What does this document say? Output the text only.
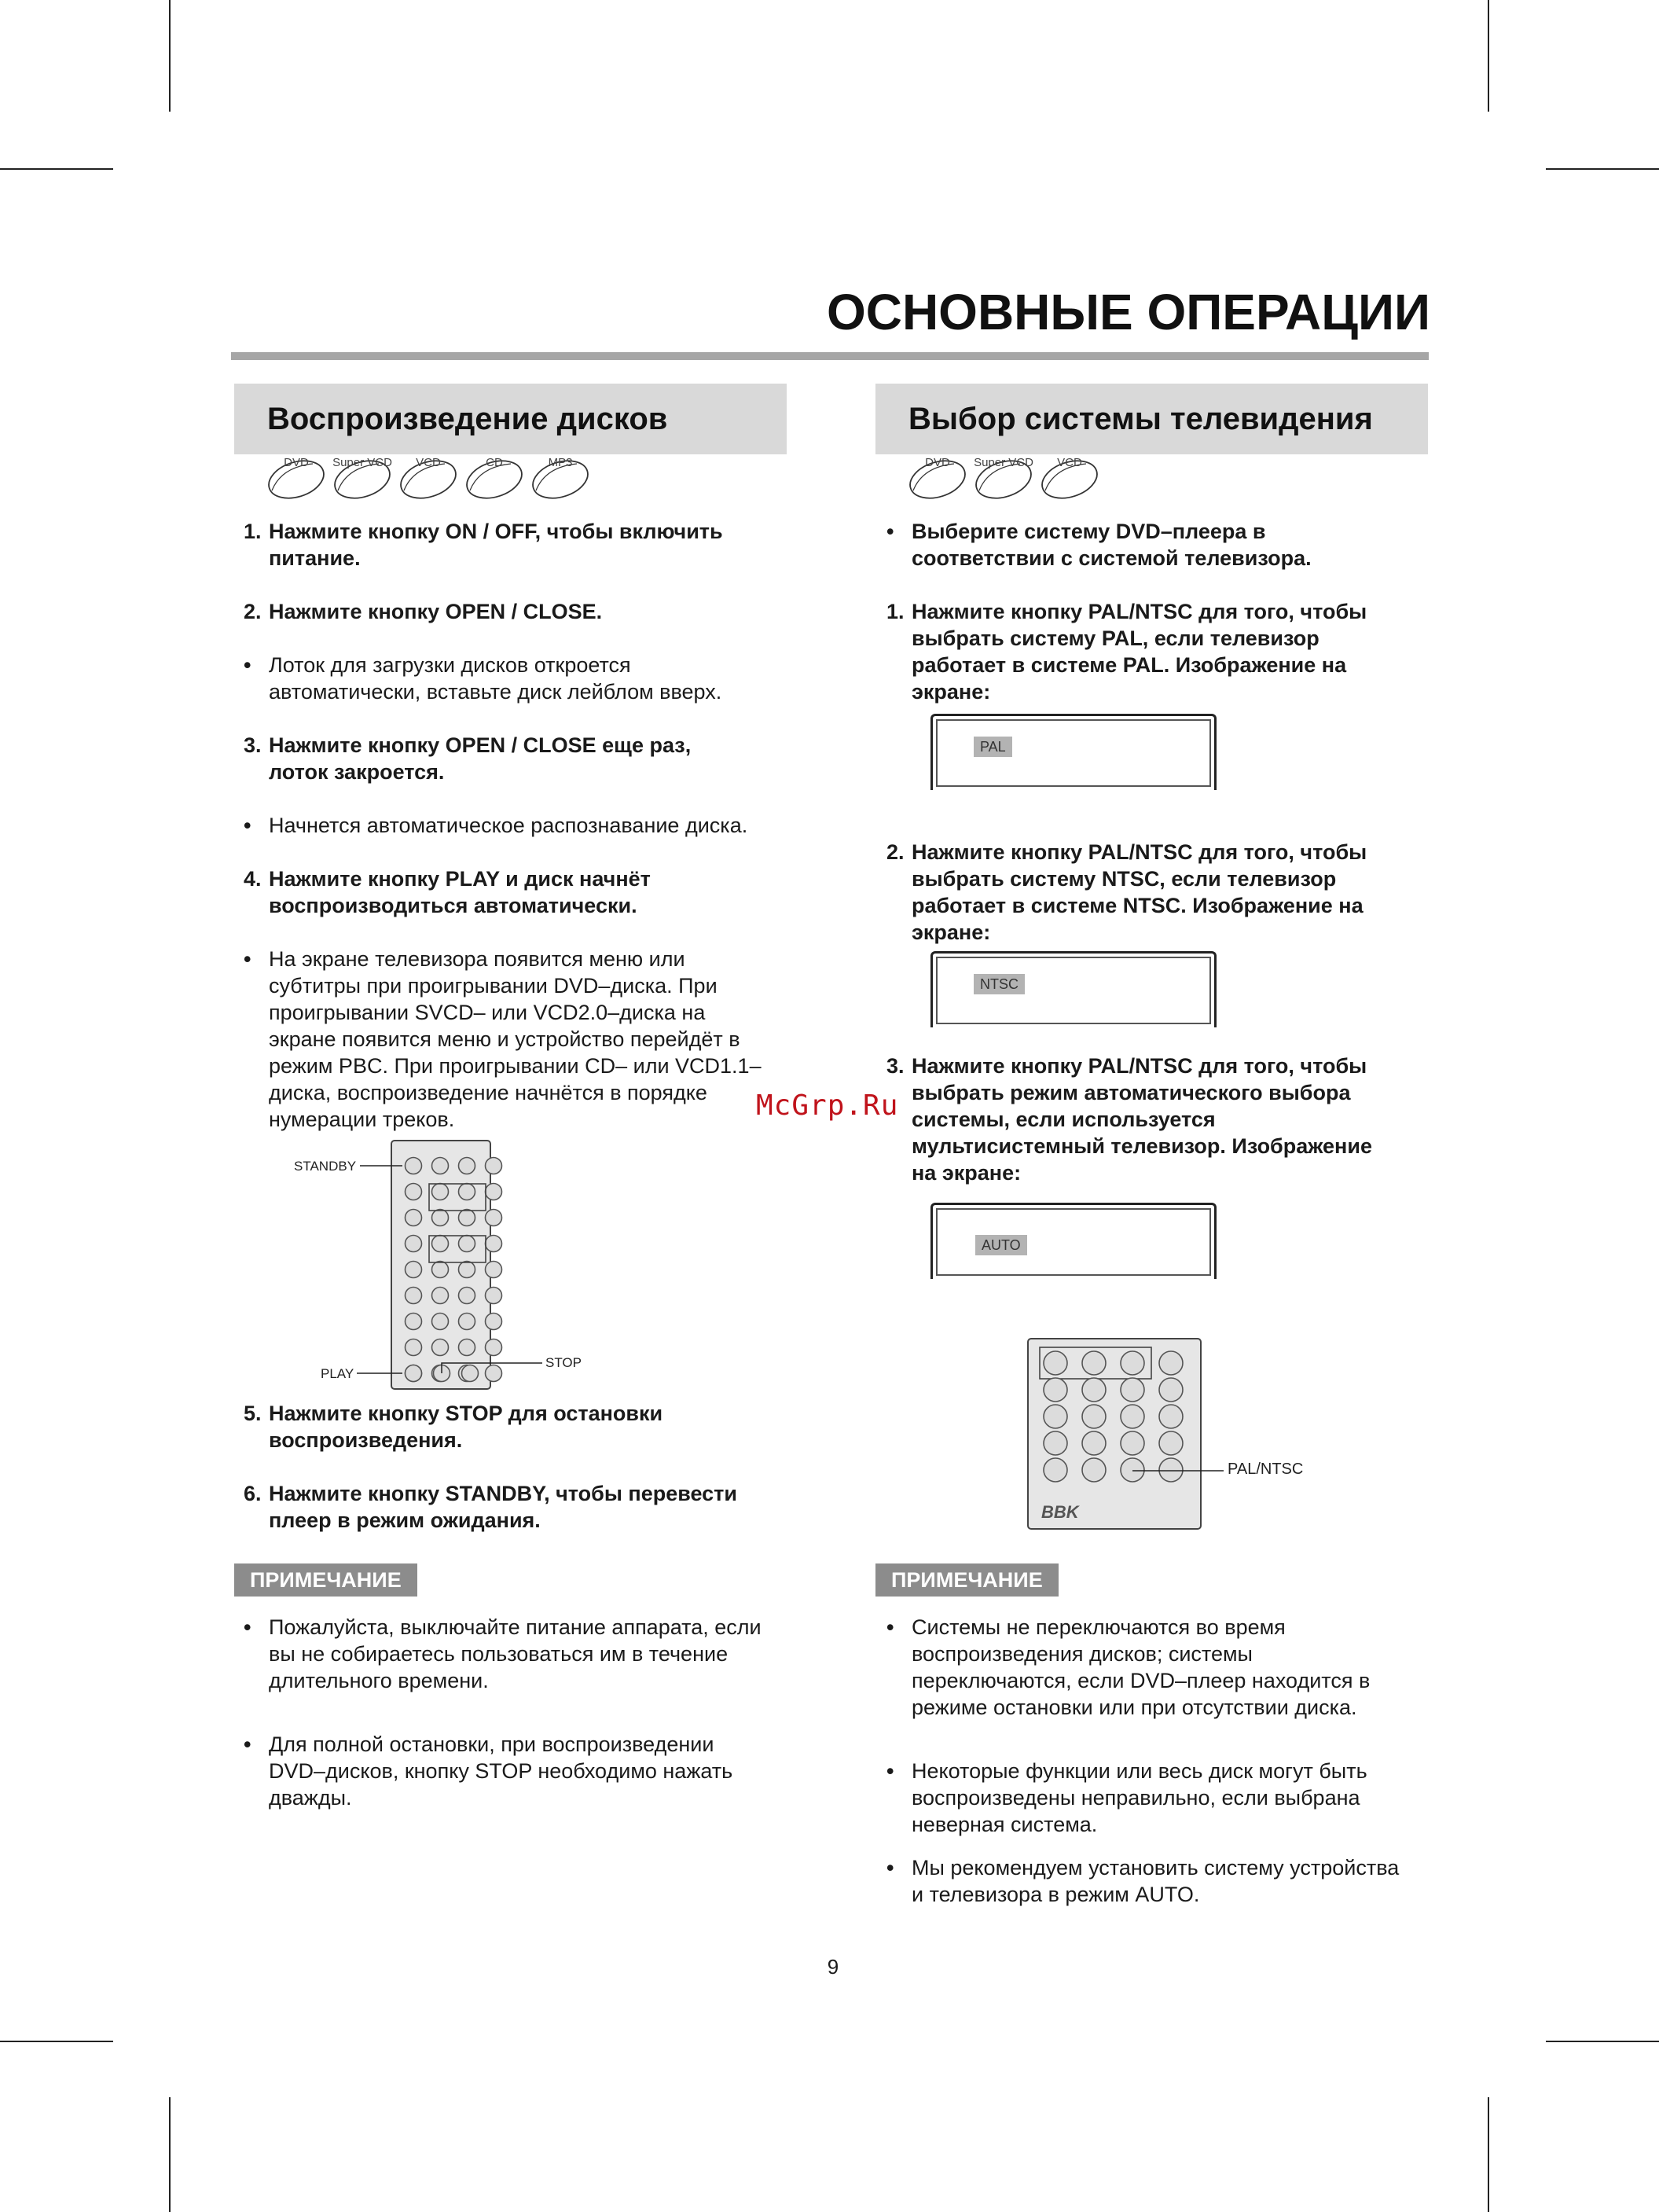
ОСНОВНЫЕ ОПЕРАЦИИ
Воспроизведение дисков
DVD	Super VCD	VCD	CD	MP3
1. Нажмите кнопку ON / OFF, чтобы включить
питание.
2. Нажмите кнопку OPEN / CLOSE.
• Лоток для загрузки дисков откроется
автоматически, вставьте диск лейблом вверх.
3. Нажмите кнопку OPEN / CLOSE еще раз,
лоток закроется.
• Начнется автоматическое распознавание диска.
4. Нажмите кнопку PLAY и диск начнёт
воспроизводиться автоматически.
• На экране телевизора появится меню или
субтитры при проигрывании DVD–диска. При
проигрывании SVCD– или VCD2.0–диска на
экране появится меню и устройство перейдёт в
режим PBC. При проигрывании CD– или VCD1.1–
диска, воспроизведение начнётся в порядке
нумерации треков.
5. Нажмите кнопку STOP для остановки
воспроизведения.
6. Нажмите кнопку STANDBY, чтобы перевести
плеер в режим ожидания.
STANDBY
PLAY
STOP
ПРИМЕЧАНИЕ
• Пожалуйста, выключайте питание аппарата, если
вы не собираетесь пользоваться им в течение
длительного времени.
• Для полной остановки, при воспроизведении
DVD–дисков, кнопку STOP необходимо нажать
дважды.
Выбор системы телевидения
DVD	Super VCD	VCD
• Выберите систему DVD–плеера в
соответствии с системой телевизора.
1. Нажмите кнопку PAL/NTSC для того, чтобы
выбрать систему PAL, если телевизор
работает в системе PAL. Изображение на
экране:
2. Нажмите кнопку PAL/NTSC для того, чтобы
выбрать систему NTSC, если телевизор
работает в системе NTSC. Изображение на
экране:
3. Нажмите кнопку PAL/NTSC для того, чтобы
выбрать режим автоматического выбора
системы, если используется
мультисистемный телевизор. Изображение
на экране:
PAL
NTSC
AUTO
BBK
PAL/NTSC
ПРИМЕЧАНИЕ
• Системы не переключаются во время
воспроизведения дисков; системы
переключаются, если DVD–плеер находится в
режиме остановки или при отсутствии диска.
• Некоторые функции или весь диск могут быть
воспроизведены неправильно, если выбрана
неверная система.
• Мы рекомендуем установить систему устройства
и телевизора в режим AUTO.
McGrp.Ru
9
